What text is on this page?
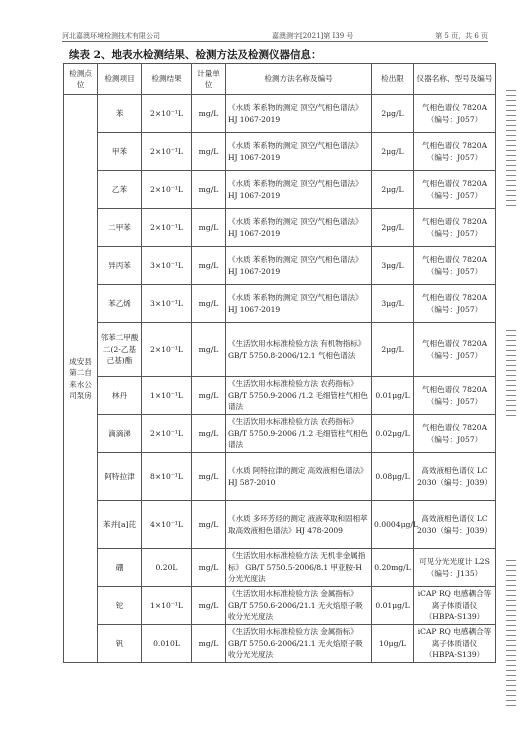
河北嘉澳环境检测技术有限公司	嘉澳测字[2021]第 I39 号	第 5 页，共 6 页
续表 2、地表水检测结果、检测方法及检测仪器信息：
检测点位	检测项目	检测结果	计量单位	检测方法名称及编号	检出限	仪器名称、型号及编号
成安县第二自来水公司泵房	苯	2×10⁻¹L	mg/L	《水质 苯系物的测定 顶空/气相色谱法》HJ 1067-2019	2μg/L	气相色谱仪 7820A（编号：J057）
	甲苯	2×10⁻¹L	mg/L	《水质 苯系物的测定 顶空/气相色谱法》HJ 1067-2019	2μg/L	气相色谱仪 7820A（编号：J057）
	乙苯	2×10⁻¹L	mg/L	《水质 苯系物的测定 顶空/气相色谱法》HJ 1067-2019	2μg/L	气相色谱仪 7820A（编号：J057）
	二甲苯	2×10⁻¹L	mg/L	《水质 苯系物的测定 顶空/气相色谱法》HJ 1067-2019	2μg/L	气相色谱仪 7820A（编号：J057）
	异丙苯	3×10⁻¹L	mg/L	《水质 苯系物的测定 顶空/气相色谱法》HJ 1067-2019	3μg/L	气相色谱仪 7820A（编号：J057）
	苯乙烯	3×10⁻¹L	mg/L	《水质 苯系物的测定 顶空/气相色谱法》HJ 1067-2019	3μg/L	气相色谱仪 7820A（编号：J057）
	邻苯二甲酸二(2-乙基己基)酯	2×10⁻¹L	mg/L	《生活饮用水标准检验方法 有机物指标》 GB/T 5750.8-2006/12.1 气相色谱法	2μg/L	气相色谱仪 7820A（编号：J057）
	林丹	1×10⁻¹L	mg/L	《生活饮用水标准检验方法 农药指标》 GB/T 5750.9-2006 /1.2 毛细管柱气相色谱法	0.01μg/L	气相色谱仪 7820A（编号：J057）
	滴滴涕	2×10⁻¹L	mg/L	《生活饮用水标准检验方法 农药指标》 GB/T 5750.9-2006 /1.2 毛细管柱气相色谱法	0.02μg/L	气相色谱仪 7820A（编号：J057）
	阿特拉津	8×10⁻¹L	mg/L	《水质 阿特拉津的测定 高效液相色谱法》HJ 587-2010	0.08μg/L	高效液相色谱仪 LC 2030（编号：J039）
	苯并[a]芘	4×10⁻¹L	mg/L	《水质 多环芳烃的测定 液液萃取和固相萃取高效液相色谱法》HJ 478-2009	0.0004μg/L	高效液相色谱仪 LC 2030（编号：J039）
	硼	0.20L	mg/L	《生活饮用水标准检验方法 无机非金属指标》 GB/T 5750.5-2006/8.1 甲亚胺-H 分光光度法	0.20mg/L	可见分光光度计 L2S（编号：J135）
	铊	1×10⁻¹L	mg/L	《生活饮用水标准检验方法 金属指标》GB/T 5750.6-2006/21.1 无火焰原子吸收分光光度法	0.01μg/L	iCAP RQ 电感耦合等离子体质谱仪（HBPA-S139）
	钒	0.010L	mg/L	《生活饮用水标准检验方法 金属指标》GB/T 5750.6-2006/21.1 无火焰原子吸收分光光度法	10μg/L	iCAP RQ 电感耦合等离子体质谱仪（HBPA-S139）
